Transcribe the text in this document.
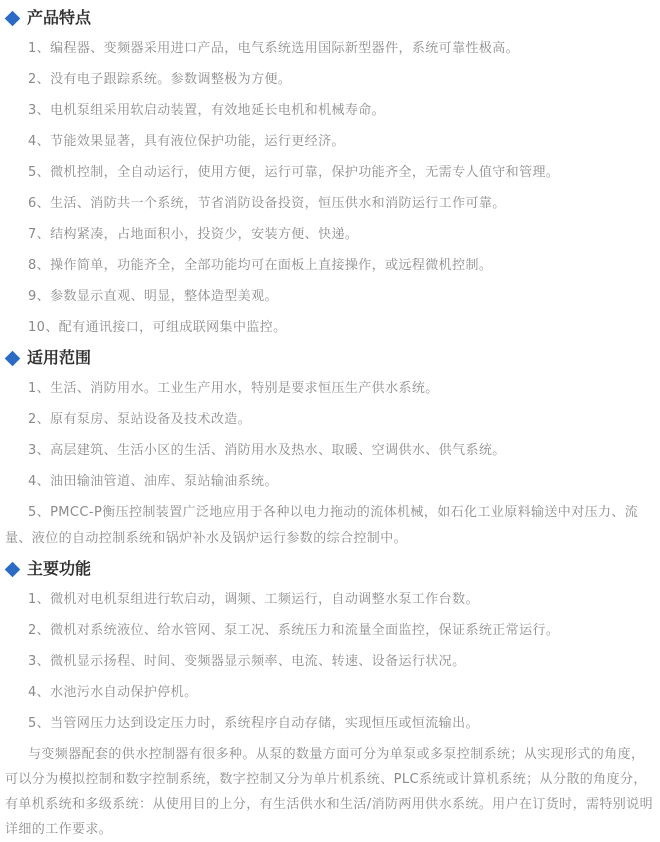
产品特点

1、编程器、变频器采用进口产品，电气系统选用国际新型器件，系统可靠性极高。

2、没有电子跟踪系统。参数调整极为方便。

3、电机泵组采用软启动装置，有效地延长电机和机械寿命。

4、节能效果显著，具有液位保护功能，运行更经济。

5、微机控制，全自动运行，使用方便，运行可靠，保护功能齐全，无需专人值守和管理。

6、生活、消防共一个系统，节省消防设备投资，恒压供水和消防运行工作可靠。

7、结构紧凑，占地面积小，投资少，安装方便、快递。

8、操作简单，功能齐全，全部功能均可在面板上直接操作，或远程微机控制。

9、参数显示直观、明显，整体造型美观。

10、配有通讯接口，可组成联网集中监控。

适用范围

1、生活、消防用水。工业生产用水，特别是要求恒压生产供水系统。

2、原有泵房、泵站设备及技术改造。

3、高层建筑、生活小区的生活、消防用水及热水、取暖、空调供水、供气系统。

4、油田输油管道、油库、泵站输油系统。

5、PMCC-P衡压控制装置广泛地应用于各种以电力拖动的流体机械，如石化工业原料输送中对压力、流量、液位的自动控制系统和锅炉补水及锅炉运行参数的综合控制中。

主要功能

1、微机对电机泵组进行软启动，调频、工频运行，自动调整水泵工作台数。

2、微机对系统液位、给水管网、泵工况、系统压力和流量全面监控，保证系统正常运行。

3、微机显示扬程、时间、变频器显示频率、电流、转速、设备运行状况。

4、水池污水自动保护停机。

5、当管网压力达到设定压力时，系统程序自动存储，实现恒压或恒流输出。

与变频器配套的供水控制器有很多种。从泵的数量方面可分为单泵或多泵控制系统；从实现形式的角度，可以分为模拟控制和数字控制系统，数字控制又分为单片机系统、PLC系统或计算机系统；从分散的角度分，有单机系统和多级系统：从使用目的上分，有生活供水和生活/消防两用供水系统。用户在订货时，需特别说明详细的工作要求。
